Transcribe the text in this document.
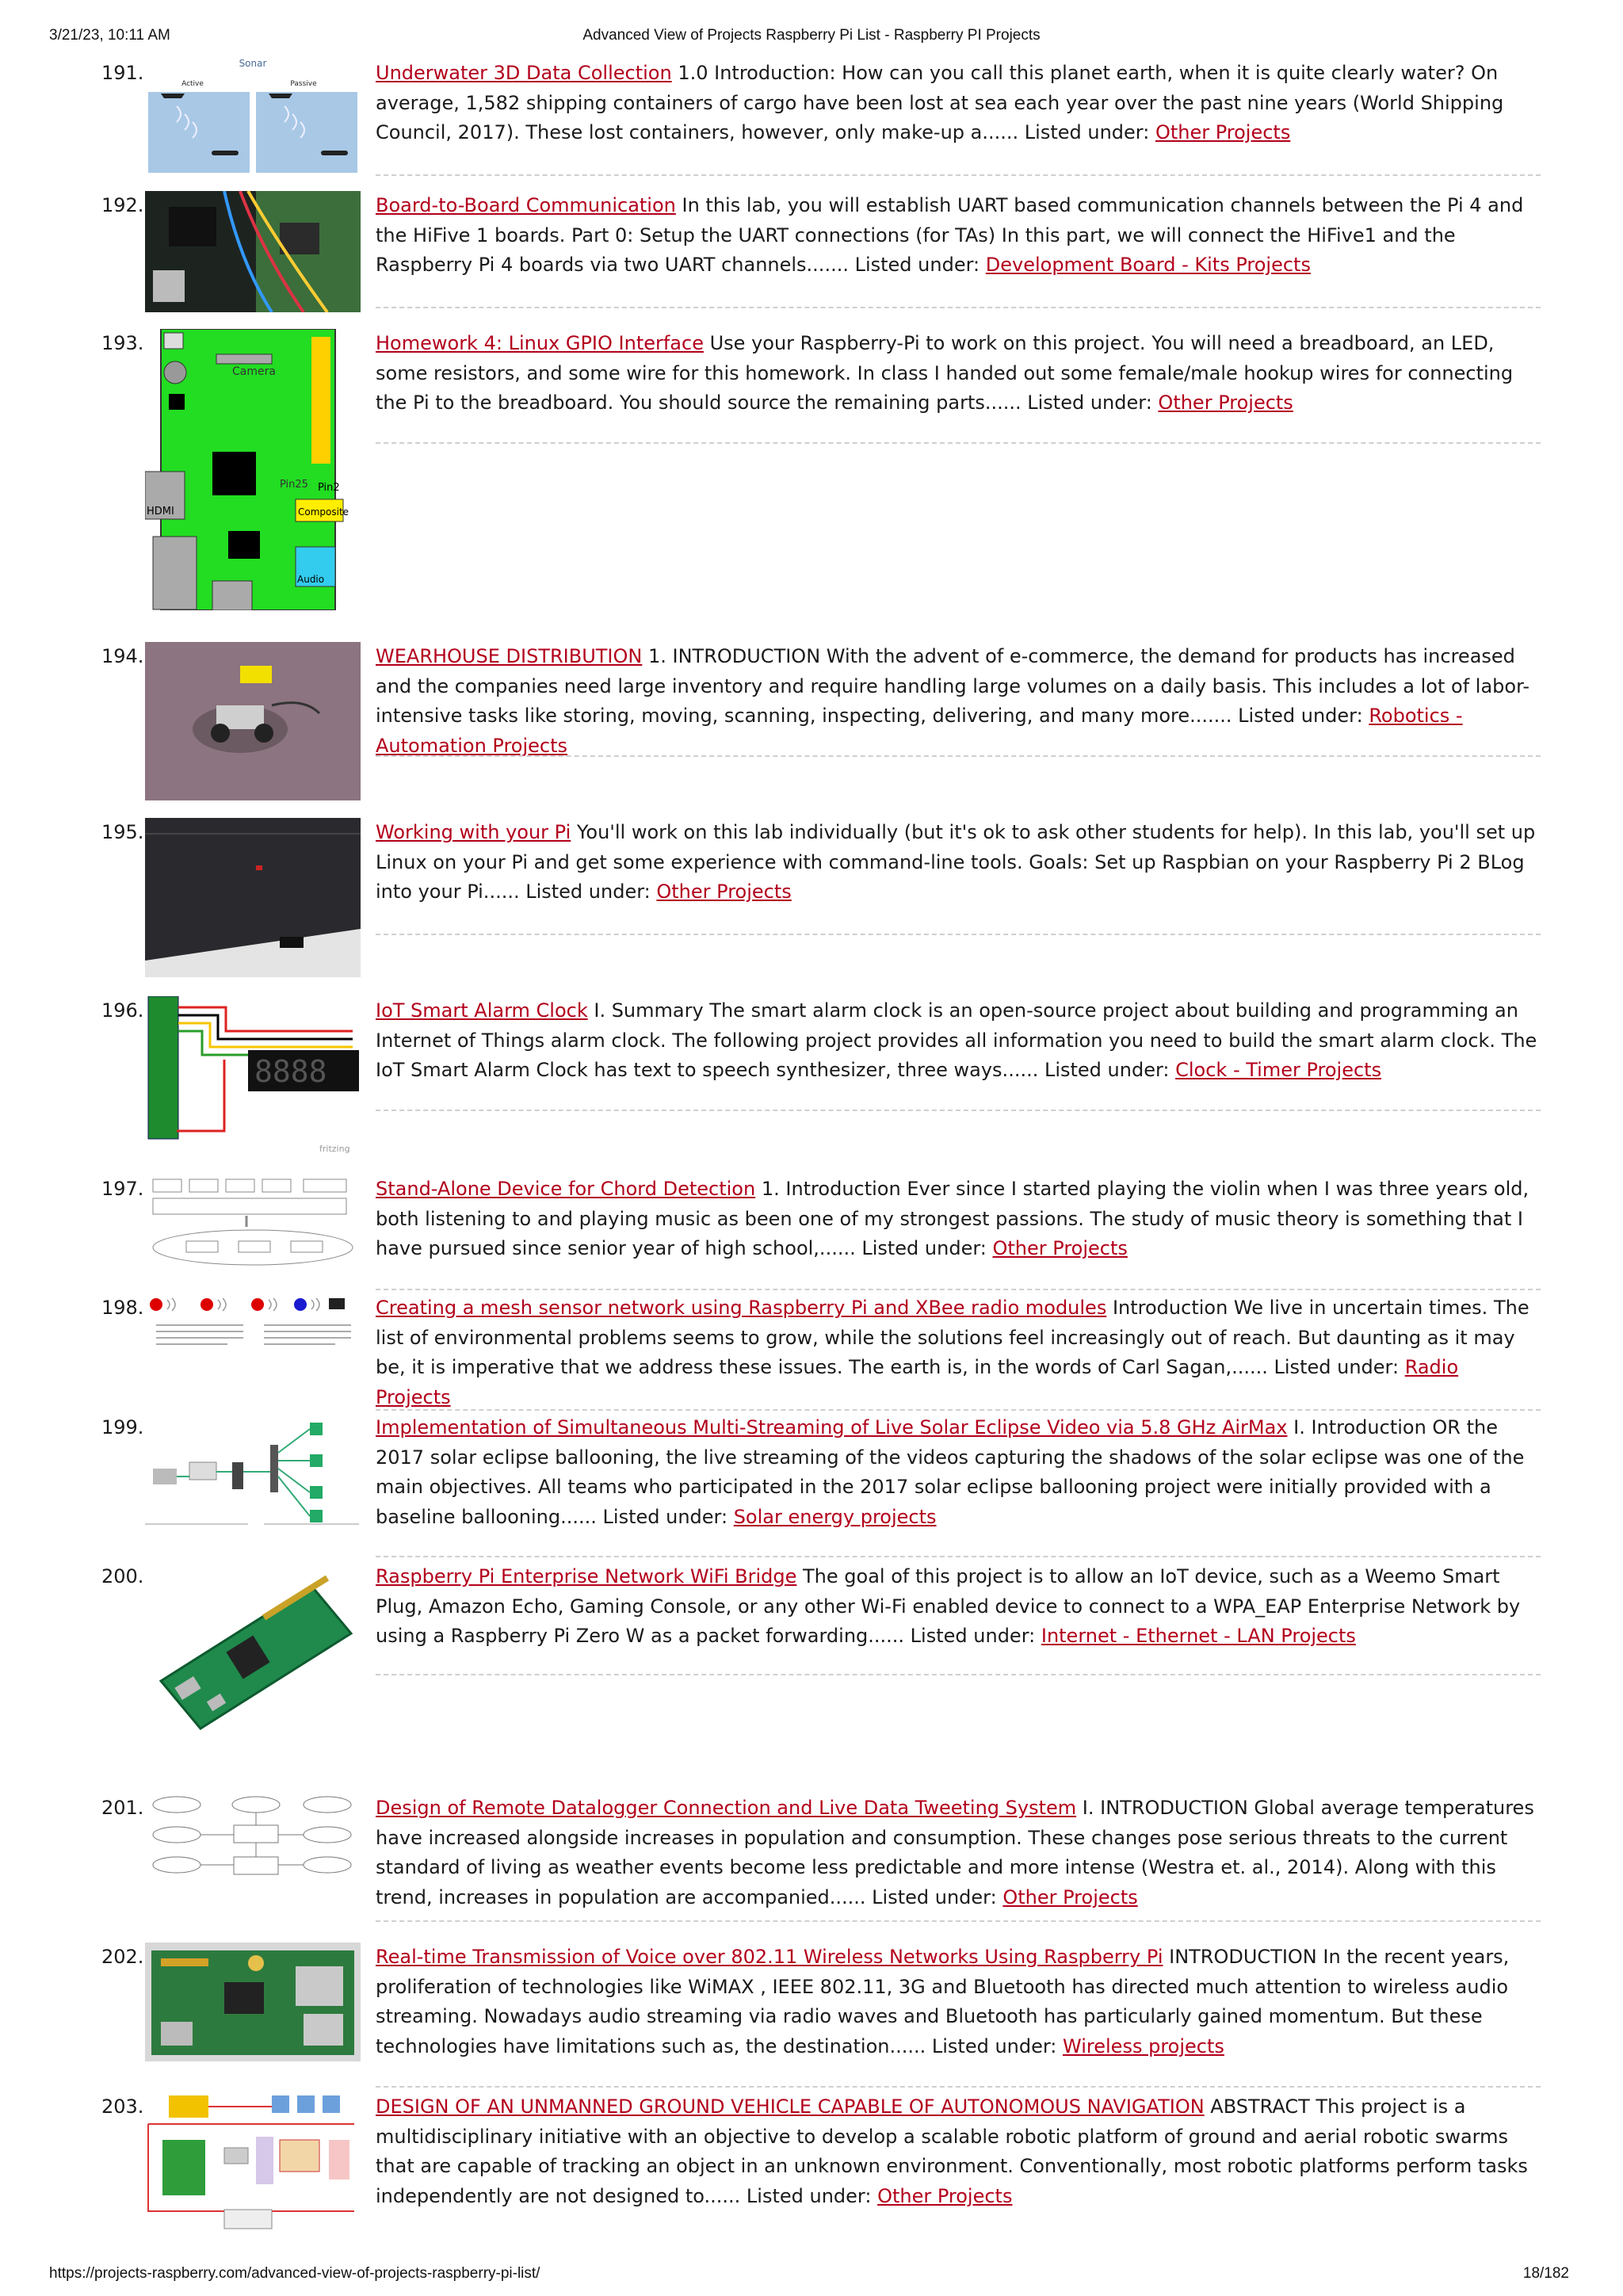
3/21/23, 10:11 AM	Advanced View of Projects Raspberry Pi List - Raspberry PI Projects
191.	Sonar
Active	Passive	Underwater 3D Data Collection 1.0 Introduction: How can you call this planet earth, when it is quite clearly water? On average, 1,582 shipping containers of cargo have been lost at sea each year over the past nine years (World Shipping Council, 2017). These lost containers, however, only make-up a...... Listed under: Other Projects
192.	Board-to-Board Communication In this lab, you will establish UART based communication channels between the Pi 4 and the HiFive 1 boards. Part 0: Setup the UART connections (for TAs) In this part, we will connect the HiFive1 and the Raspberry Pi 4 boards via two UART channels....... Listed under: Development Board - Kits Projects
193.
Camera
HDMI
Pin25 Pin2
Composite
Audio
Homework 4: Linux GPIO Interface Use your Raspberry-Pi to work on this project. You will need a breadboard, an LED, some resistors, and some wire for this homework. In class I handed out some female/male hookup wires for connecting the Pi to the breadboard. You should source the remaining parts...... Listed under: Other Projects
194.	WEARHOUSE DISTRIBUTION 1. INTRODUCTION With the advent of e-commerce, the demand for products has increased and the companies need large inventory and require handling large volumes on a daily basis. This includes a lot of labor- intensive tasks like storing, moving, scanning, inspecting, delivering, and many more....... Listed under: Robotics - Automation Projects
195.	Working with your Pi You'll work on this lab individually (but it's ok to ask other students for help). In this lab, you'll set up Linux on your Pi and get some experience with command-line tools. Goals: Set up Raspbian on your Raspberry Pi 2 BLog into your Pi...... Listed under: Other Projects
196.
8888
fritzing
IoT Smart Alarm Clock I. Summary The smart alarm clock is an open-source project about building and programming an Internet of Things alarm clock. The following project provides all information you need to build the smart alarm clock. The IoT Smart Alarm Clock has text to speech synthesizer, three ways...... Listed under: Clock - Timer Projects
197.	Stand-Alone Device for Chord Detection 1. Introduction Ever since I started playing the violin when I was three years old, both listening to and playing music as been one of my strongest passions. The study of music theory is something that I have pursued since senior year of high school,...... Listed under: Other Projects
198.	Creating a mesh sensor network using Raspberry Pi and XBee radio modules Introduction We live in uncertain times. The list of environmental problems seems to grow, while the solutions feel increasingly out of reach. But daunting as it may be, it is imperative that we address these issues. The earth is, in the words of Carl Sagan,...... Listed under: Radio Projects
199.	Implementation of Simultaneous Multi-Streaming of Live Solar Eclipse Video via 5.8 GHz AirMax I. Introduction OR the 2017 solar eclipse ballooning, the live streaming of the videos capturing the shadows of the solar eclipse was one of the main objectives. All teams who participated in the 2017 solar eclipse ballooning project were initially provided with a baseline ballooning...... Listed under: Solar energy projects
200.	Raspberry Pi Enterprise Network WiFi Bridge The goal of this project is to allow an IoT device, such as a Weemo Smart Plug, Amazon Echo, Gaming Console, or any other Wi-Fi enabled device to connect to a WPA_EAP Enterprise Network by using a Raspberry Pi Zero W as a packet forwarding...... Listed under: Internet - Ethernet - LAN Projects
201.	Design of Remote Datalogger Connection and Live Data Tweeting System I. INTRODUCTION Global average temperatures have increased alongside increases in population and consumption. These changes pose serious threats to the current standard of living as weather events become less predictable and more intense (Westra et. al., 2014). Along with this trend, increases in population are accompanied...... Listed under: Other Projects
202.	Real-time Transmission of Voice over 802.11 Wireless Networks Using Raspberry Pi INTRODUCTION In the recent years, proliferation of technologies like WiMAX , IEEE 802.11, 3G and Bluetooth has directed much attention to wireless audio streaming. Nowadays audio streaming via radio waves and Bluetooth has particularly gained momentum. But these technologies have limitations such as, the destination...... Listed under: Wireless projects
203.	DESIGN OF AN UNMANNED GROUND VEHICLE CAPABLE OF AUTONOMOUS NAVIGATION ABSTRACT This project is a multidisciplinary initiative with an objective to develop a scalable robotic platform of ground and aerial robotic swarms that are capable of tracking an object in an unknown environment. Conventionally, most robotic platforms perform tasks independently are not designed to...... Listed under: Other Projects
https://projects-raspberry.com/advanced-view-of-projects-raspberry-pi-list/	18/182
